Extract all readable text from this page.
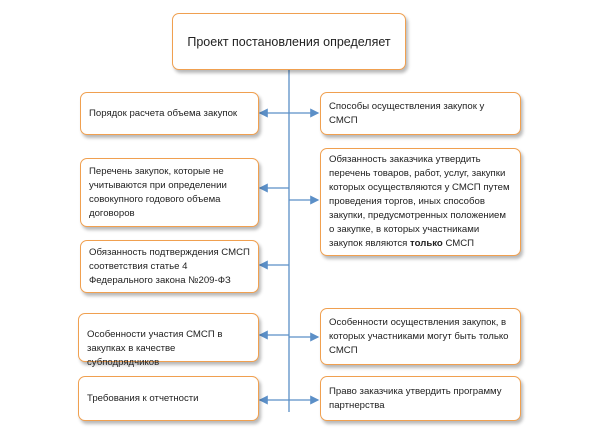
Проект постановления определяет
Порядок расчета объема закупок
Перечень закупок, которые не учитываются при определении совокупного годового объема договоров
Обязанность подтверждения СМСП соответствия статье 4 Федерального закона №209-ФЗ
Особенности участия СМСП в закупках в качестве субподрядчиков
Требования к отчетности
Способы осуществления закупок у СМСП
Обязанность заказчика утвердить перечень товаров, работ, услуг, закупки которых осуществляются у СМСП путем проведения торгов, иных способов закупки, предусмотренных положением о закупке, в которых участниками закупок являются только СМСП
Особенности осуществления закупок, в которых участниками могут быть только СМСП
Право заказчика утвердить программу партнерства
